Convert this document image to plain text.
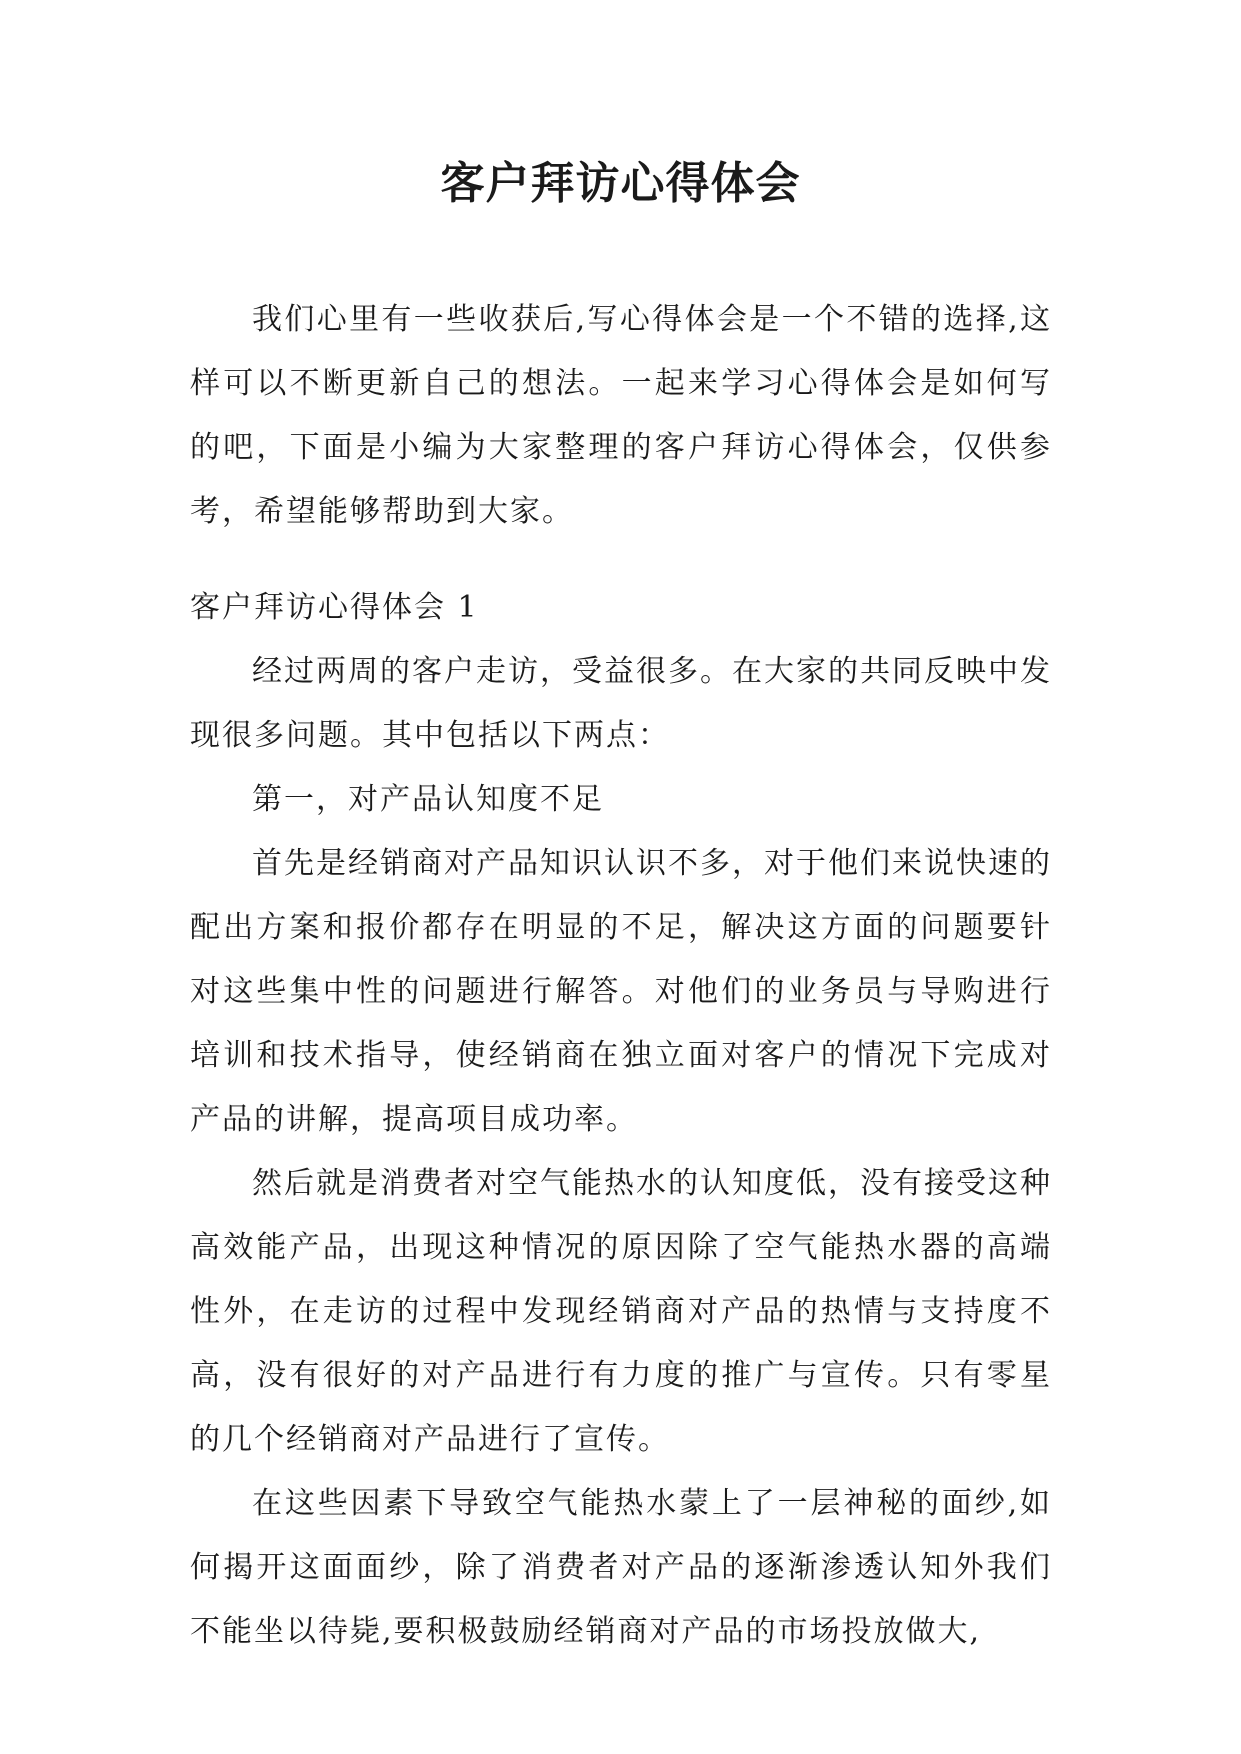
客户拜访心得体会

我们心里有一些收获后,写心得体会是一个不错的选择,这样可以不断更新自己的想法。一起来学习心得体会是如何写的吧，下面是小编为大家整理的客户拜访心得体会，仅供参考，希望能够帮助到大家。

客户拜访心得体会 1

经过两周的客户走访，受益很多。在大家的共同反映中发现很多问题。其中包括以下两点：

第一，对产品认知度不足

首先是经销商对产品知识认识不多，对于他们来说快速的配出方案和报价都存在明显的不足，解决这方面的问题要针对这些集中性的问题进行解答。对他们的业务员与导购进行培训和技术指导，使经销商在独立面对客户的情况下完成对产品的讲解，提高项目成功率。

然后就是消费者对空气能热水的认知度低，没有接受这种高效能产品，出现这种情况的原因除了空气能热水器的高端性外，在走访的过程中发现经销商对产品的热情与支持度不高，没有很好的对产品进行有力度的推广与宣传。只有零星的几个经销商对产品进行了宣传。

在这些因素下导致空气能热水蒙上了一层神秘的面纱,如何揭开这面面纱，除了消费者对产品的逐渐渗透认知外我们不能坐以待毙,要积极鼓励经销商对产品的市场投放做大,
